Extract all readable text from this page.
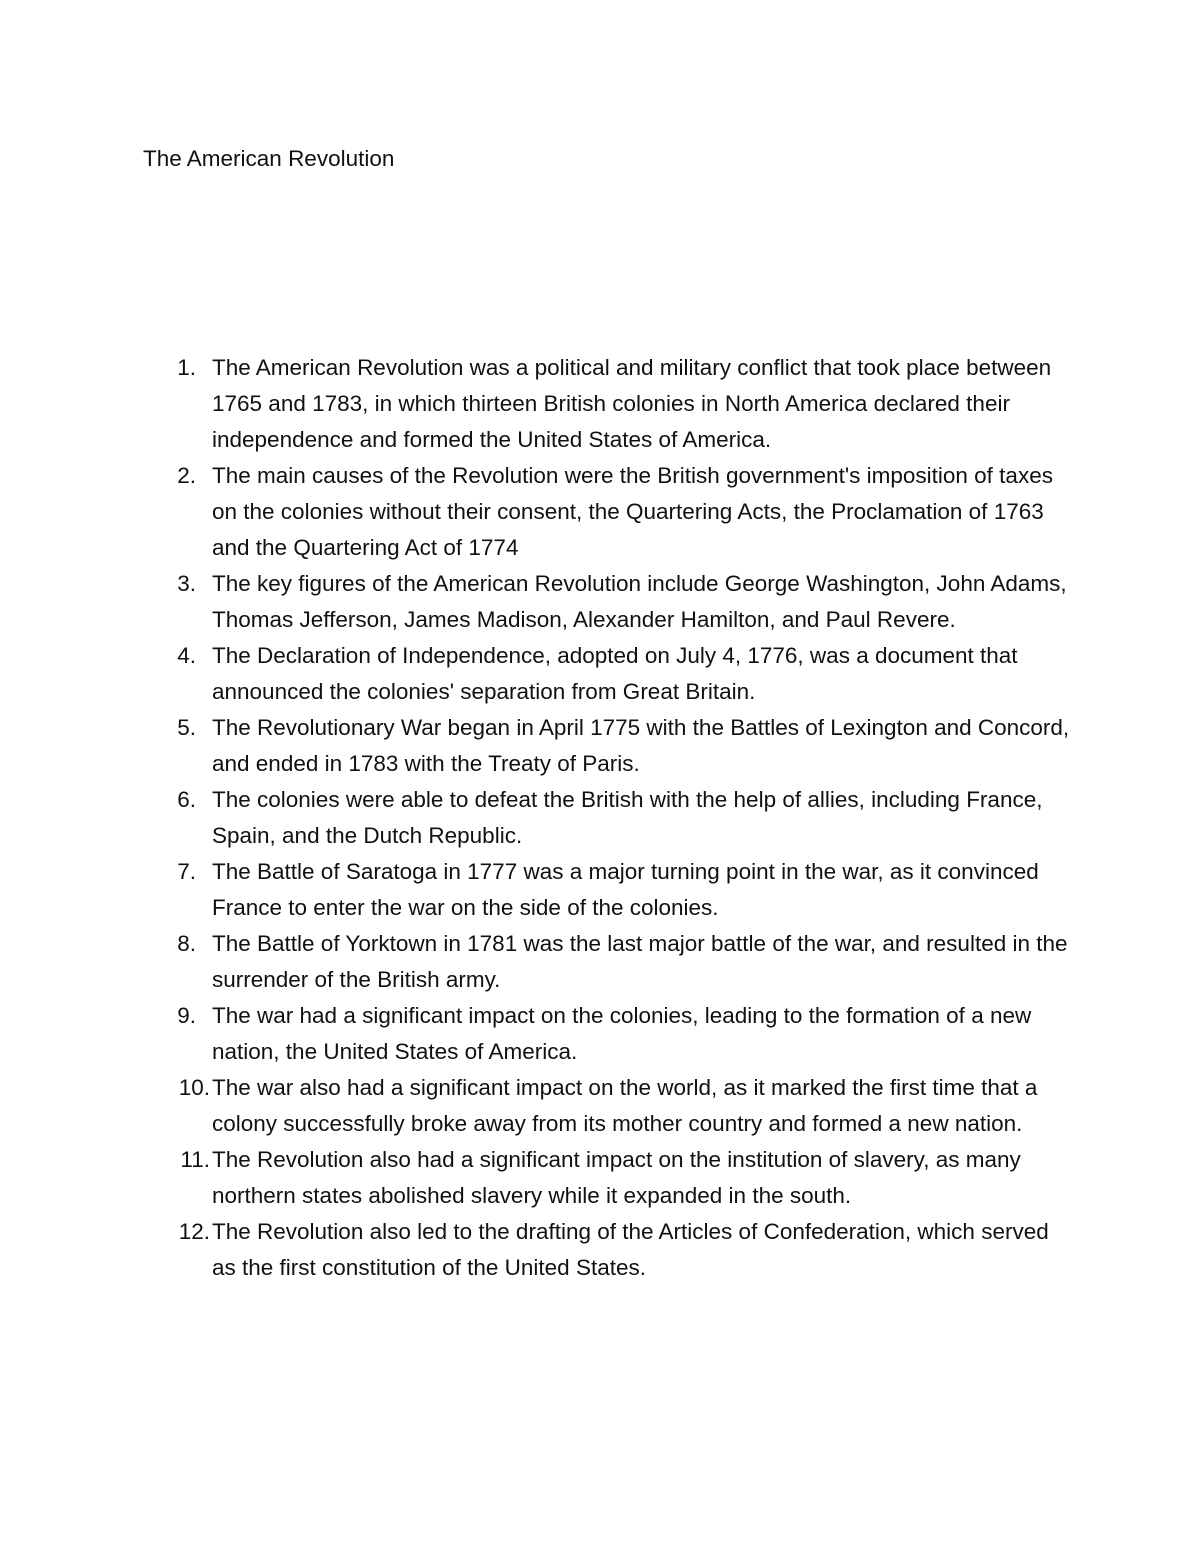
The American Revolution
1. The American Revolution was a political and military conflict that took place between 1765 and 1783, in which thirteen British colonies in North America declared their independence and formed the United States of America.
2. The main causes of the Revolution were the British government's imposition of taxes on the colonies without their consent, the Quartering Acts, the Proclamation of 1763 and the Quartering Act of 1774
3. The key figures of the American Revolution include George Washington, John Adams, Thomas Jefferson, James Madison, Alexander Hamilton, and Paul Revere.
4. The Declaration of Independence, adopted on July 4, 1776, was a document that announced the colonies' separation from Great Britain.
5. The Revolutionary War began in April 1775 with the Battles of Lexington and Concord, and ended in 1783 with the Treaty of Paris.
6. The colonies were able to defeat the British with the help of allies, including France, Spain, and the Dutch Republic.
7. The Battle of Saratoga in 1777 was a major turning point in the war, as it convinced France to enter the war on the side of the colonies.
8. The Battle of Yorktown in 1781 was the last major battle of the war, and resulted in the surrender of the British army.
9. The war had a significant impact on the colonies, leading to the formation of a new nation, the United States of America.
10. The war also had a significant impact on the world, as it marked the first time that a colony successfully broke away from its mother country and formed a new nation.
11. The Revolution also had a significant impact on the institution of slavery, as many northern states abolished slavery while it expanded in the south.
12. The Revolution also led to the drafting of the Articles of Confederation, which served as the first constitution of the United States.
